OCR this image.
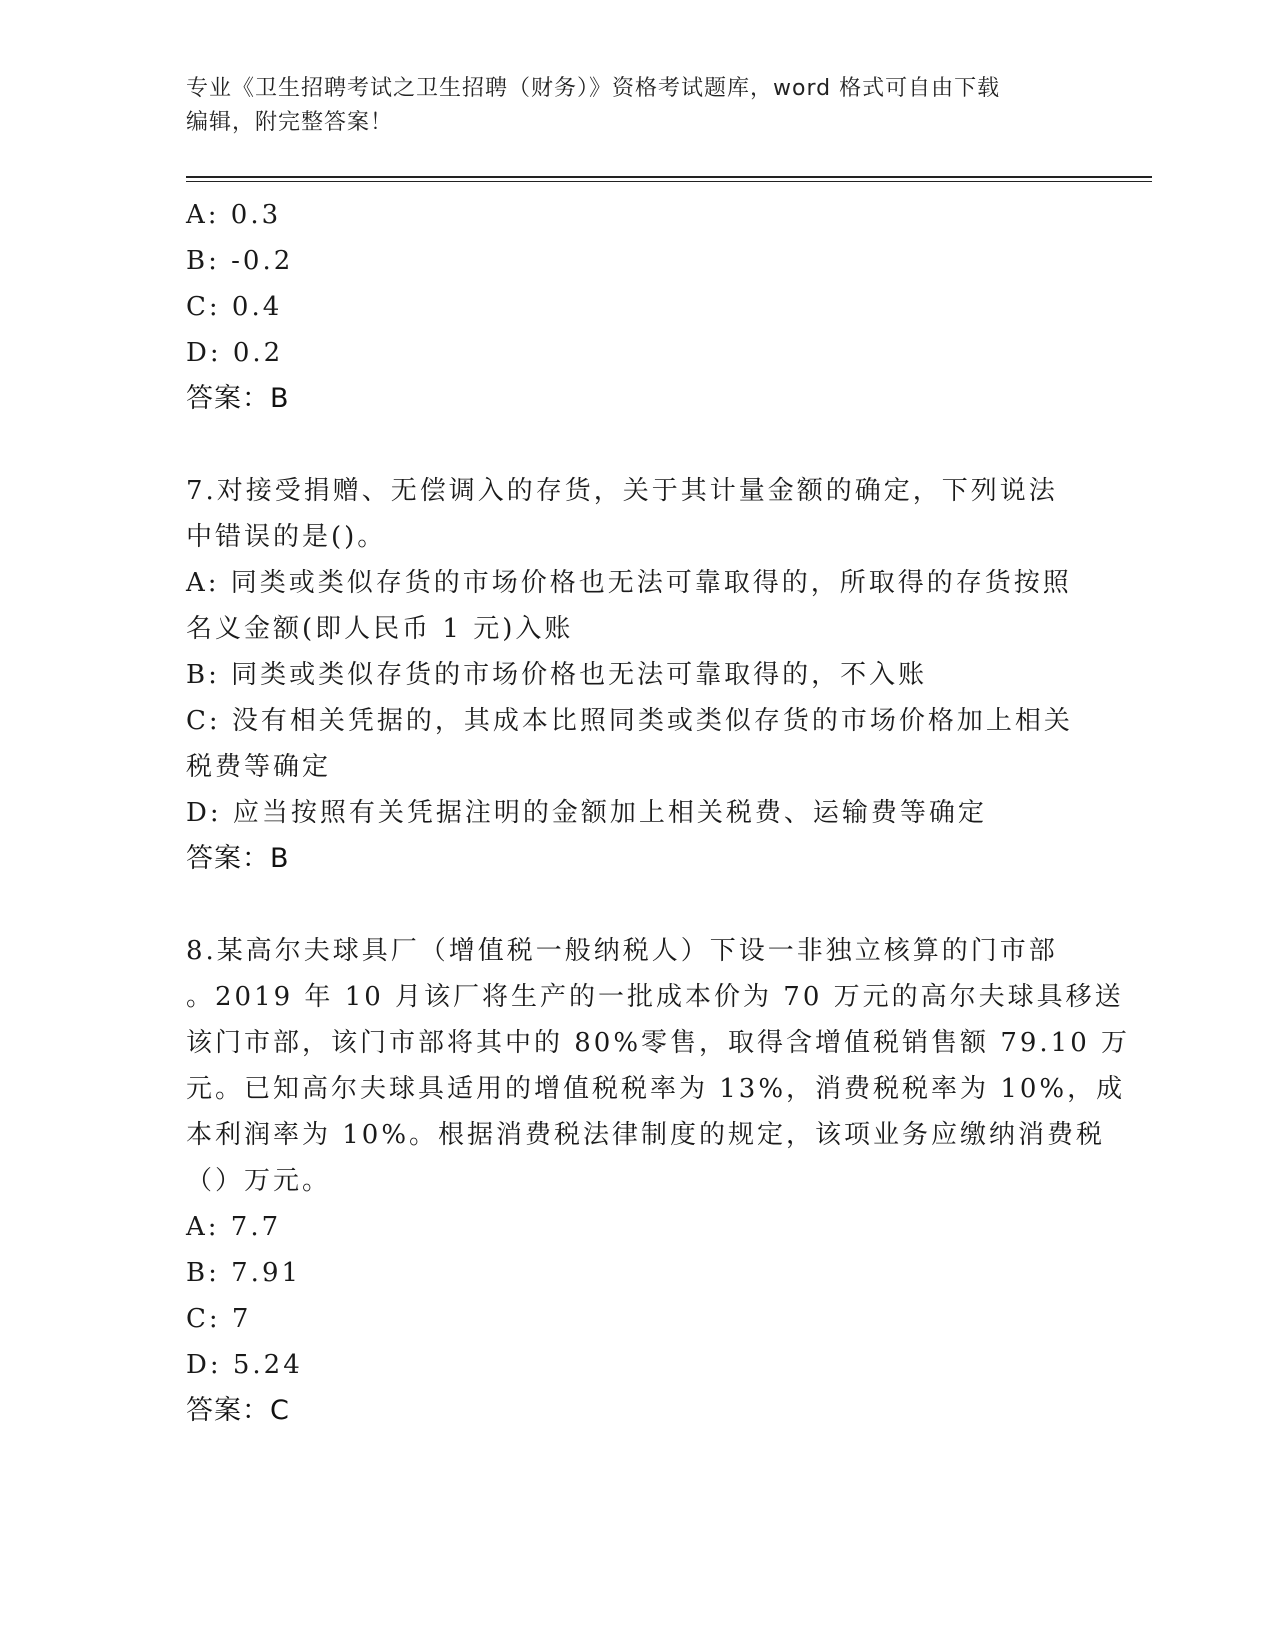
专业《卫生招聘考试之卫生招聘（财务）》资格考试题库，word 格式可自由下载
编辑，附完整答案！
A: 0.3
B: -0.2
C: 0.4
D: 0.2
答案：B
7.对接受捐赠、无偿调入的存货，关于其计量金额的确定，下列说法
中错误的是()。
A: 同类或类似存货的市场价格也无法可靠取得的，所取得的存货按照
名义金额(即人民币 1 元)入账
B: 同类或类似存货的市场价格也无法可靠取得的，不入账
C: 没有相关凭据的，其成本比照同类或类似存货的市场价格加上相关
税费等确定
D: 应当按照有关凭据注明的金额加上相关税费、运输费等确定
答案：B
8.某高尔夫球具厂（增值税一般纳税人）下设一非独立核算的门市部
。2019 年 10 月该厂将生产的一批成本价为 70 万元的高尔夫球具移送
该门市部，该门市部将其中的 80%零售，取得含增值税销售额 79.10 万
元。已知高尔夫球具适用的增值税税率为 13%，消费税税率为 10%，成
本利润率为 10%。根据消费税法律制度的规定，该项业务应缴纳消费税
（）万元。
A: 7.7
B: 7.91
C: 7
D: 5.24
答案：C
